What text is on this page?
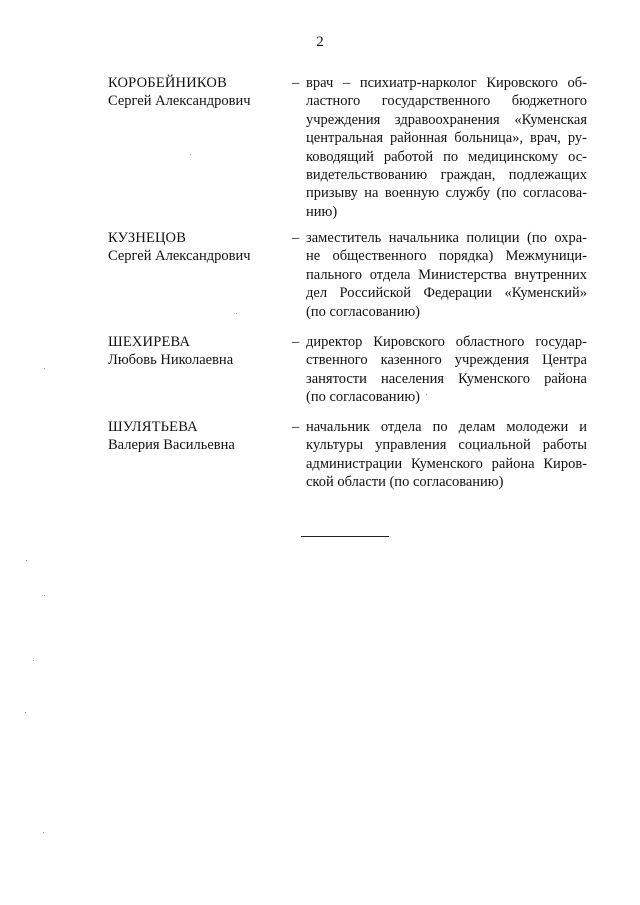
2
КОРОБЕЙНИКОВ
Сергей Александрович
– врач – психиатр-нарколог Кировского об-
ластного государственного бюджетного
учреждения здравоохранения «Куменская
центральная районная больница», врач, ру-
ководящий работой по медицинскому ос-
видетельствованию граждан, подлежащих
призыву на военную службу (по согласова-
нию)
КУЗНЕЦОВ
Сергей Александрович
– заместитель начальника полиции (по охра-
не общественного порядка) Межмуници-
пального отдела Министерства внутренних
дел Российской Федерации «Куменский»
(по согласованию)
ШЕХИРЕВА
Любовь Николаевна
– директор Кировского областного государ-
ственного казенного учреждения Центра
занятости населения Куменского района
(по согласованию)
ШУЛЯТЬЕВА
Валерия Васильевна
– начальник отдела по делам молодежи и
культуры управления социальной работы
администрации Куменского района Киров-
ской области (по согласованию)
